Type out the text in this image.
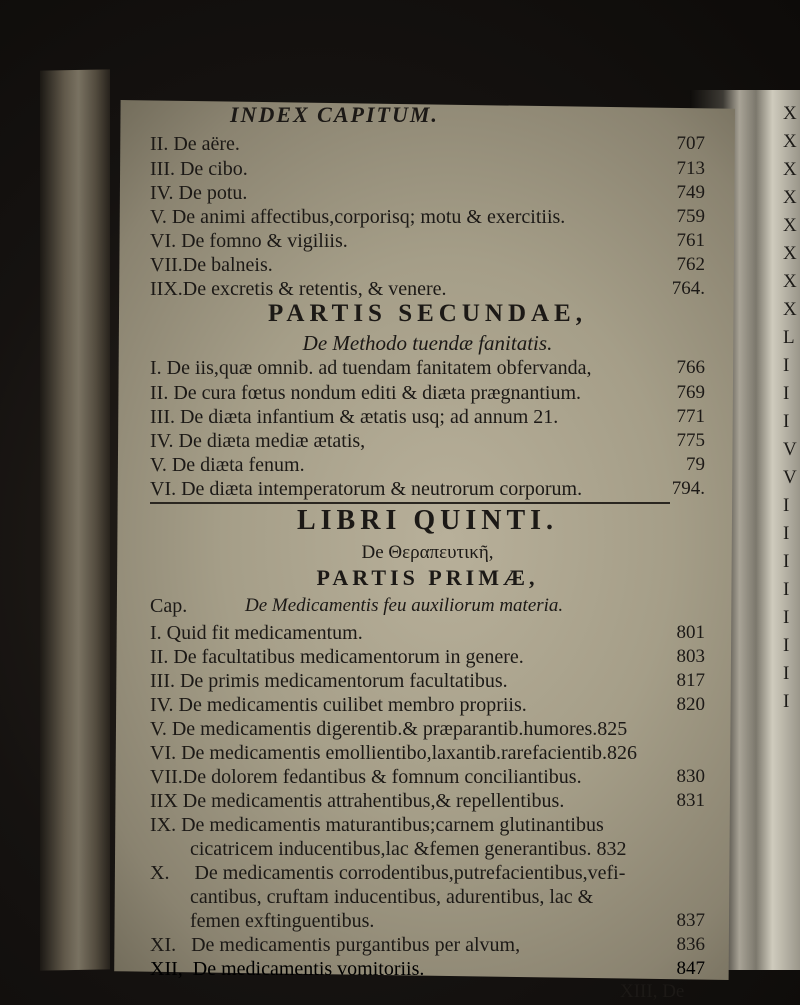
X X X X X X X X L I I I V V I I I I I I I I
INDEX CAPITUM.
II. De aëre.	707
III. De cibo.	713
IV. De potu.	749
V. De animi affectibus,corporisq; motu & exercitiis.	759
VI. De fomno & vigiliis.	761
VII.De balneis.	762
IIX.De excretis & retentis, & venere.	764.
PARTIS SECUNDAE,
De Methodo tuendæ fanitatis.
I. De iis,quæ omnib. ad tuendam fanitatem obfervanda,	766
II. De cura fœtus nondum editi & diæta prægnantium.	769
III. De diæta infantium & ætatis usq; ad annum 21.	771
IV. De diæta mediæ ætatis,	775
V. De diæta fenum.	79
VI. De diæta intemperatorum & neutrorum corporum.	794.
LIBRI QUINTI.
De Θεραπευτικῆ,
PARTIS PRIMÆ,
Cap.	De Medicamentis feu auxiliorum materia.
I. Quid fit medicamentum.	801
II. De facultatibus medicamentorum in genere.	803
III. De primis medicamentorum facultatibus.	817
IV. De medicamentis cuilibet membro propriis.	820
V. De medicamentis digerentib.& præparantib.humores.825
VI. De medicamentis emollientibo,laxantib.rarefacientib.826
VII.De dolorem fedantibus & fomnum conciliantibus.	830
IIX De medicamentis attrahentibus,& repellentibus.	831
IX. De medicamentis maturantibus;carnem glutinantibus
cicatricem inducentibus,lac &femen generantibus. 832
X.     De medicamentis corrodentibus,putrefacientibus,vefi-
cantibus, cruftam inducentibus, adurentibus, lac &
femen exftinguentibus.	837
XI.   De medicamentis purgantibus per alvum,	836
XII,  De medicamentis vomitoriis.	847
XIII, De
